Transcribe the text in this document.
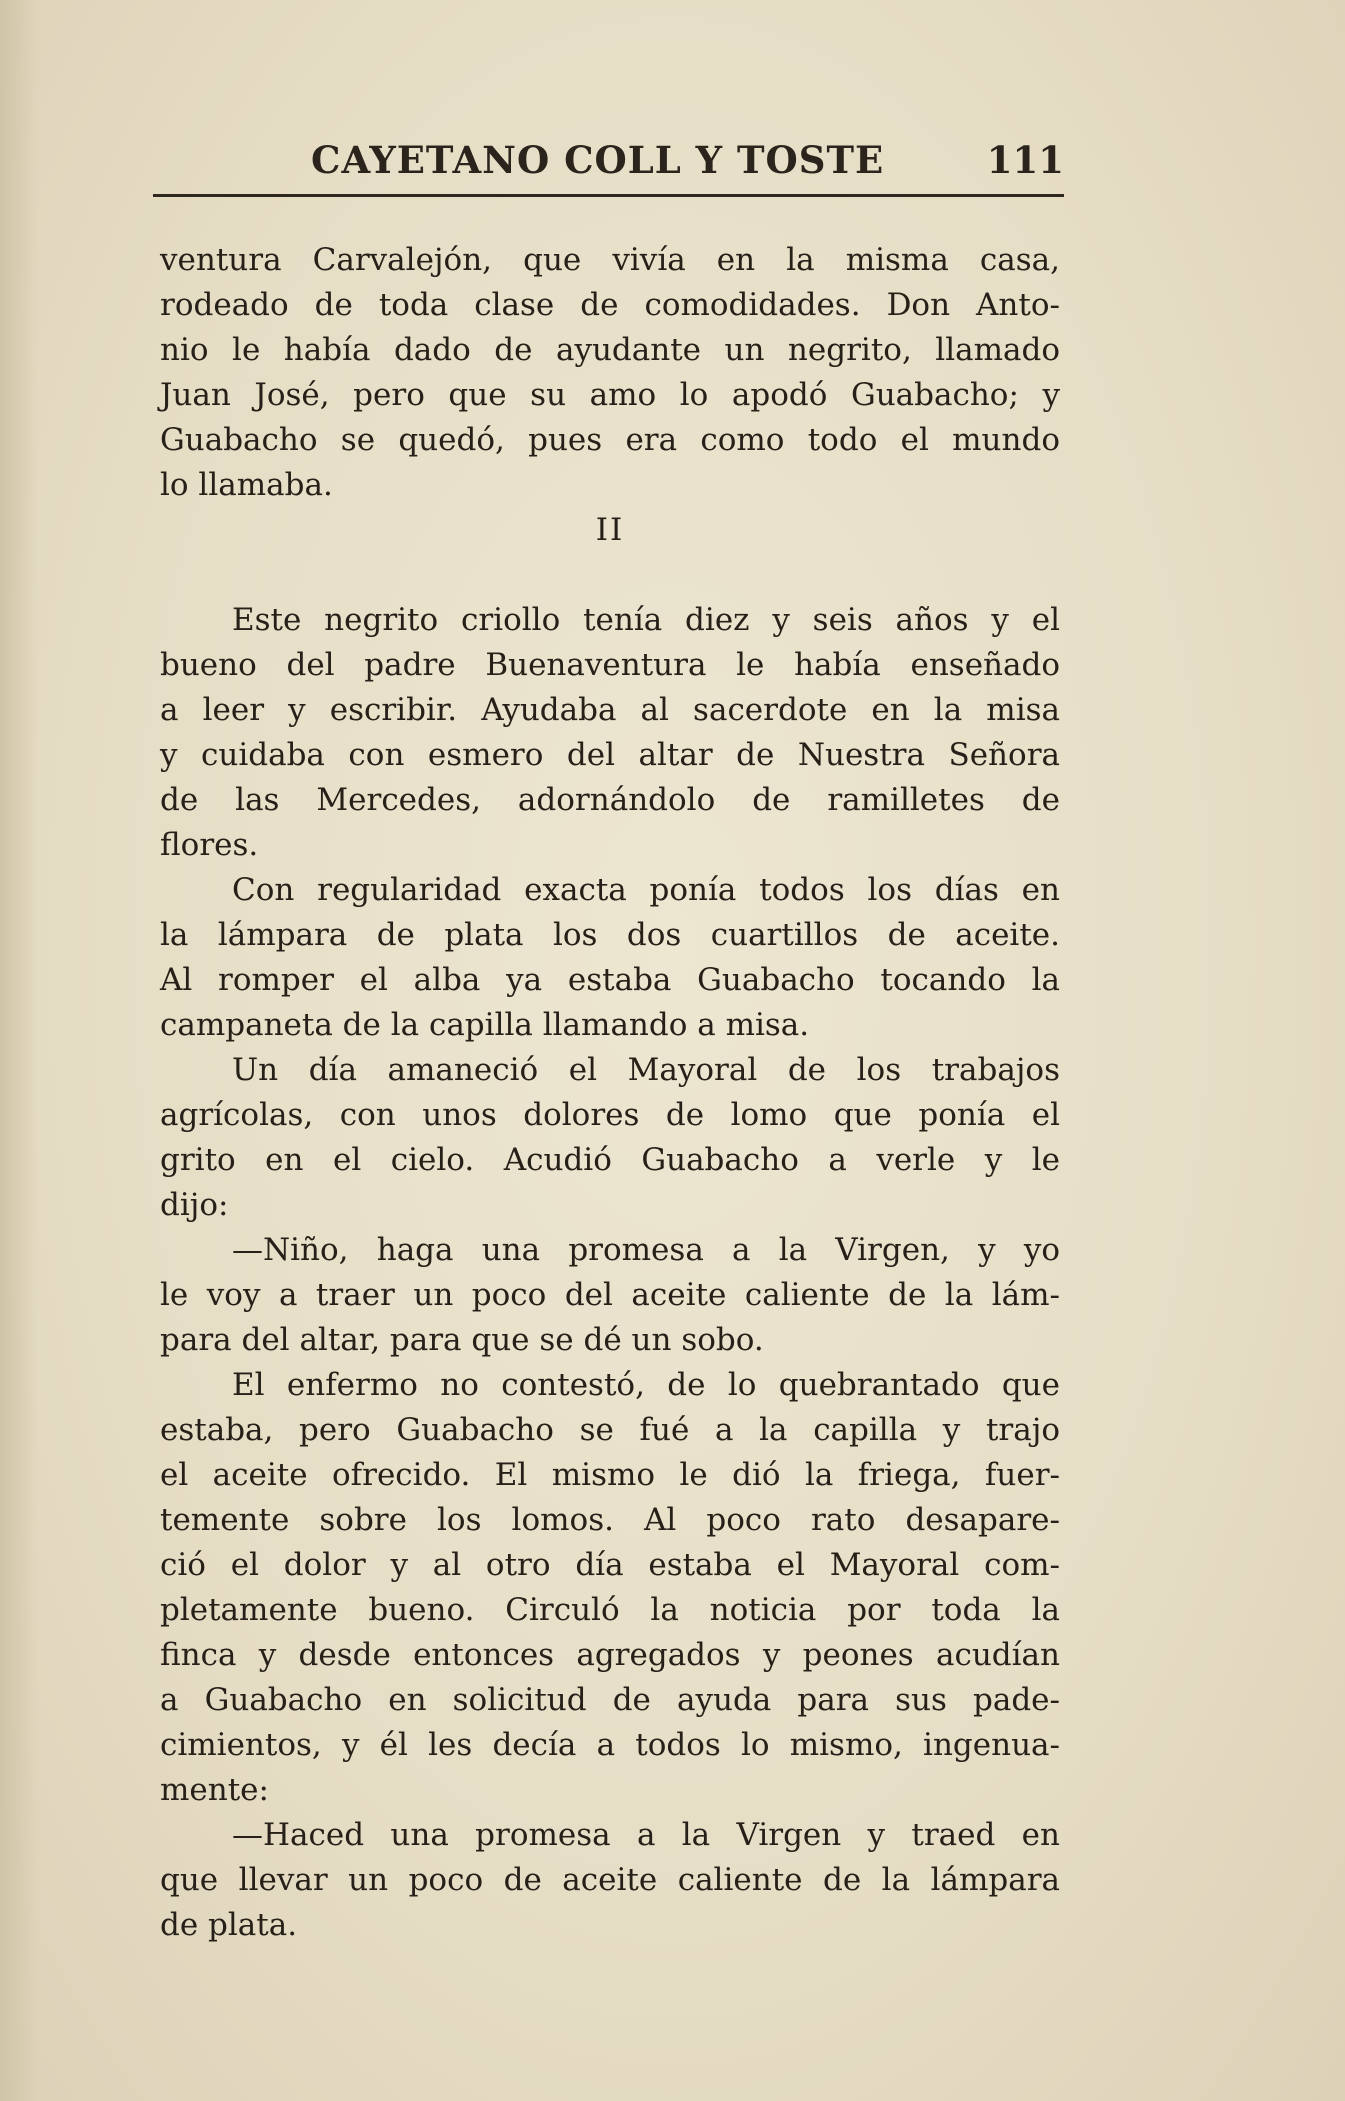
CAYETANO COLL Y TOSTE	111
ventura Carvalejón, que vivía en la misma casa,
rodeado de toda clase de comodidades. Don Anto-
nio le había dado de ayudante un negrito, llamado
Juan José, pero que su amo lo apodó Guabacho; y
Guabacho se quedó, pues era como todo el mundo
lo llamaba.
II
Este negrito criollo tenía diez y seis años y el
bueno del padre Buenaventura le había enseñado
a leer y escribir. Ayudaba al sacerdote en la misa
y cuidaba con esmero del altar de Nuestra Señora
de las Mercedes, adornándolo de ramilletes de
flores.
Con regularidad exacta ponía todos los días en
la lámpara de plata los dos cuartillos de aceite.
Al romper el alba ya estaba Guabacho tocando la
campaneta de la capilla llamando a misa.
Un día amaneció el Mayoral de los trabajos
agrícolas, con unos dolores de lomo que ponía el
grito en el cielo. Acudió Guabacho a verle y le
dijo:
—Niño, haga una promesa a la Virgen, y yo
le voy a traer un poco del aceite caliente de la lám-
para del altar, para que se dé un sobo.
El enfermo no contestó, de lo quebrantado que
estaba, pero Guabacho se fué a la capilla y trajo
el aceite ofrecido. El mismo le dió la friega, fuer-
temente sobre los lomos. Al poco rato desapare-
ció el dolor y al otro día estaba el Mayoral com-
pletamente bueno. Circuló la noticia por toda la
finca y desde entonces agregados y peones acudían
a Guabacho en solicitud de ayuda para sus pade-
cimientos, y él les decía a todos lo mismo, ingenua-
mente:
—Haced una promesa a la Virgen y traed en
que llevar un poco de aceite caliente de la lámpara
de plata.
